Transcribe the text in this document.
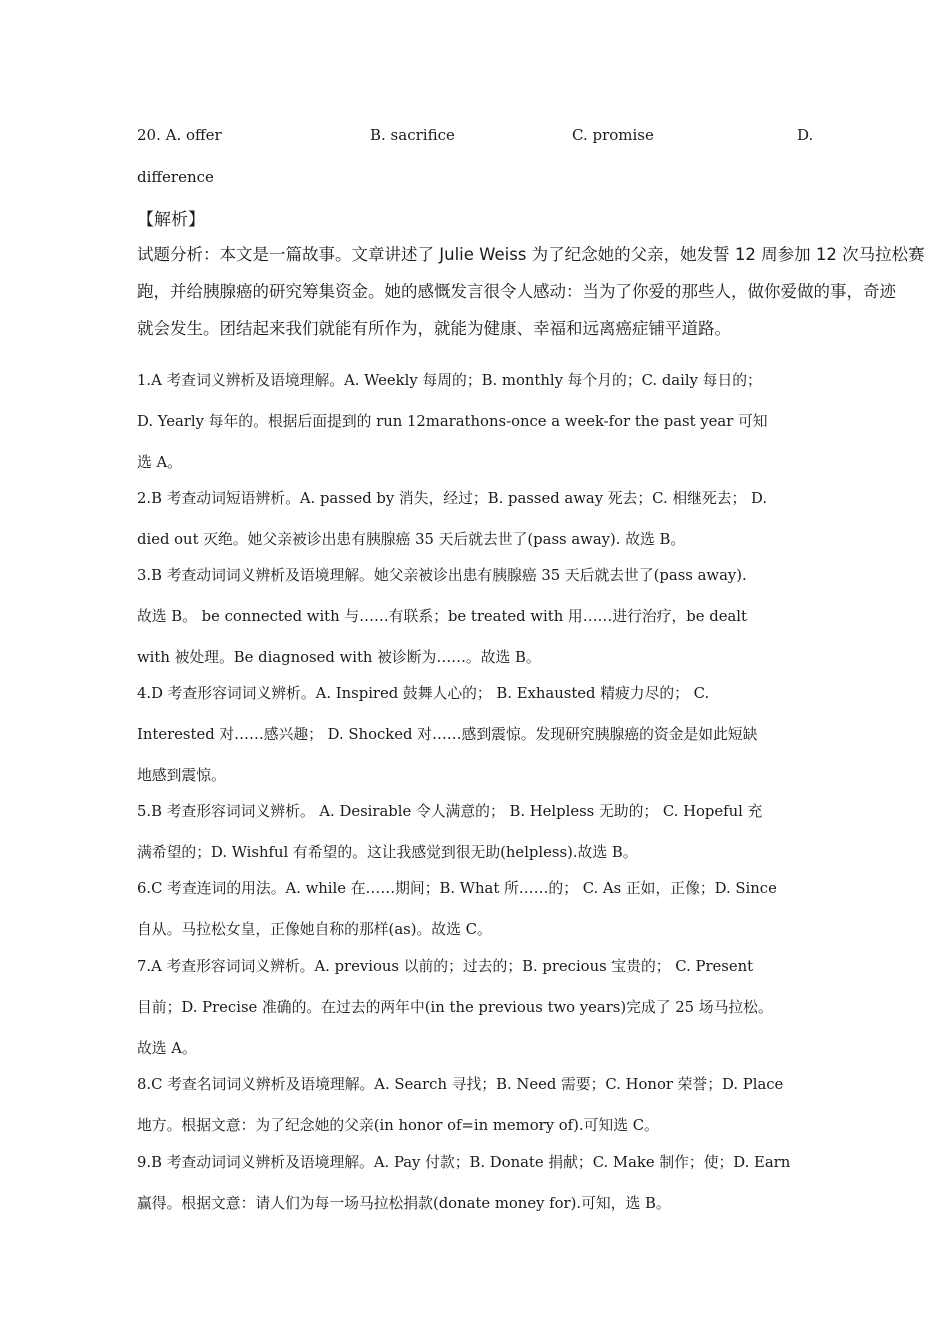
20. A. offer	B. sacrifice	C. promise	D.
difference
【解析】
试题分析：本文是一篇故事。文章讲述了 Julie Weiss 为了纪念她的父亲，她发誓 12 周参加 12 次马拉松赛
跑，并给胰腺癌的研究筹集资金。她的感慨发言很令人感动：当为了你爱的那些人，做你爱做的事，奇迹
就会发生。团结起来我们就能有所作为，就能为健康、幸福和远离癌症铺平道路。
1.A 考查词义辨析及语境理解。A. Weekly 每周的；B. monthly 每个月的；C. daily 每日的；
D. Yearly 每年的。根据后面提到的 run 12marathons-once a week-for the past year 可知
选 A。
2.B 考查动词短语辨析。A. passed by 消失，经过；B. passed away 死去；C. 相继死去； D.
died out 灭绝。她父亲被诊出患有胰腺癌 35 天后就去世了(pass away). 故选 B。
3.B 考查动词词义辨析及语境理解。她父亲被诊出患有胰腺癌 35 天后就去世了(pass away).
故选 B。 be connected with 与……有联系；be treated with 用……进行治疗，be dealt
with 被处理。Be diagnosed with 被诊断为……。故选 B。
4.D 考查形容词词义辨析。A. Inspired 鼓舞人心的； B. Exhausted 精疲力尽的； C.
Interested 对……感兴趣； D. Shocked 对……感到震惊。发现研究胰腺癌的资金是如此短缺
地感到震惊。
5.B 考查形容词词义辨析。 A. Desirable 令人满意的； B. Helpless 无助的； C. Hopeful 充
满希望的；D. Wishful 有希望的。这让我感觉到很无助(helpless).故选 B。
6.C 考查连词的用法。A. while 在……期间；B. What 所……的； C. As 正如，正像；D. Since
自从。马拉松女皇，正像她自称的那样(as)。故选 C。
7.A 考查形容词词义辨析。A. previous 以前的；过去的；B. precious 宝贵的； C. Present
目前；D. Precise 准确的。在过去的两年中(in the previous two years)完成了 25 场马拉松。
故选 A。
8.C 考查名词词义辨析及语境理解。A. Search 寻找；B. Need 需要；C. Honor 荣誉；D. Place
地方。根据文意：为了纪念她的父亲(in honor of=in memory of).可知选 C。
9.B 考查动词词义辨析及语境理解。A. Pay 付款；B. Donate 捐献；C. Make 制作；使；D. Earn
赢得。根据文意：请人们为每一场马拉松捐款(donate money for).可知，选 B。
